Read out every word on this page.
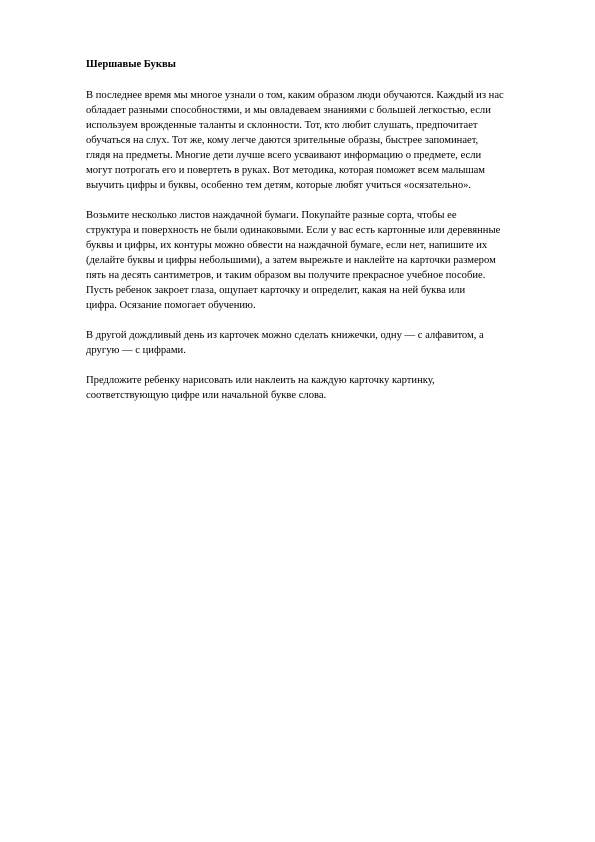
Шершавые Буквы
В последнее время мы многое узнали о том, каким образом люди обучаются. Каждый из нас
обладает разными способностями, и мы овладеваем знаниями с большей легкостью, если
используем врожденные таланты и склонности. Тот, кто любит слушать, предпочитает
обучаться на слух. Тот же, кому легче даются зрительные образы, быстрее запоминает,
глядя на предметы. Многие дети лучше всего усваивают информацию о предмете, если
могут потрогать его и повертеть в руках. Вот методика, которая поможет всем малышам
выучить цифры и буквы, особенно тем детям, которые любят учиться «осязательно».
Возьмите несколько листов наждачной бумаги. Покупайте разные сорта, чтобы ее
структура и поверхность не были одинаковыми. Если у вас есть картонные или деревянные
буквы и цифры, их контуры можно обвести на наждачной бумаге, если нет, напишите их
(делайте буквы и цифры небольшими), а затем вырежьте и наклейте на карточки размером
пять на десять сантиметров, и таким образом вы получите прекрасное учебное пособие.
Пусть ребенок закроет глаза, ощупает карточку и определит, какая на ней буква или
цифра. Осязание помогает обучению.
В другой дождливый день из карточек можно сделать книжечки, одну — с алфавитом, а
другую — с цифрами.
Предложите ребенку нарисовать или наклеить на каждую карточку картинку,
соответствующую цифре или начальной букве слова.
